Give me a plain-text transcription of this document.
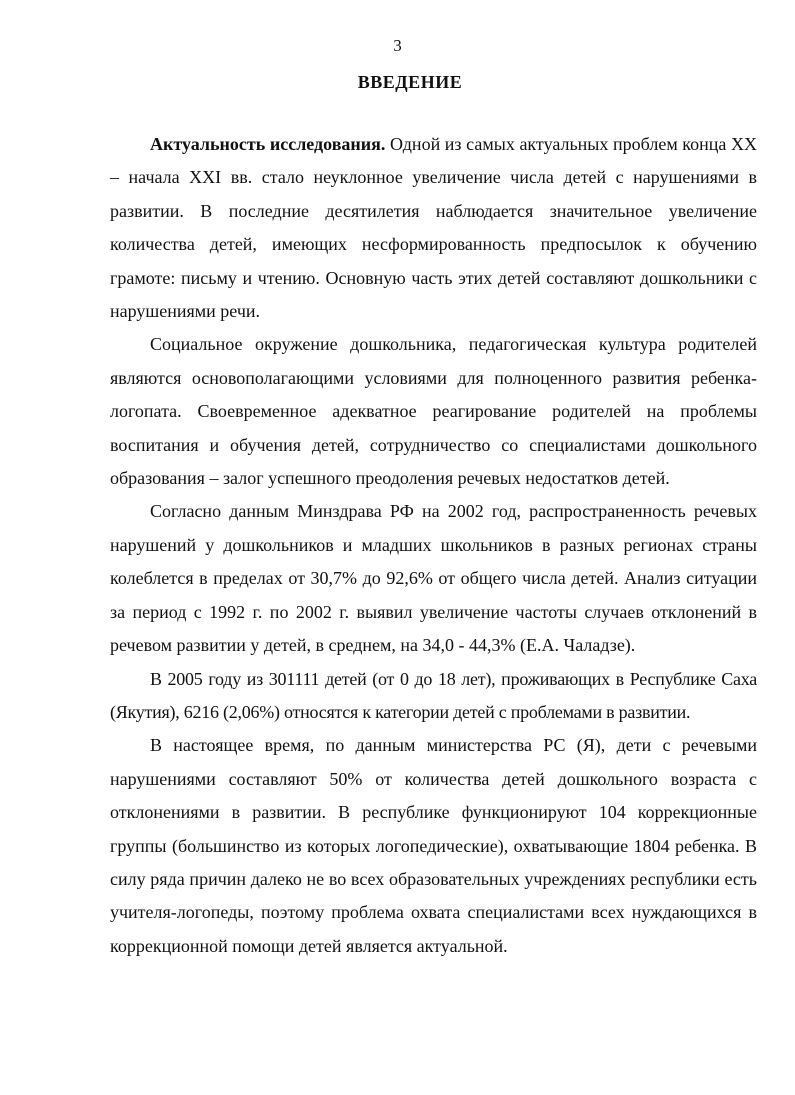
3
ВВЕДЕНИЕ

Актуальность исследования. Одной из самых актуальных проблем конца XX – начала XXI вв. стало неуклонное увеличение числа детей с нарушениями в развитии. В последние десятилетия наблюдается значительное увеличение количества детей, имеющих несформированность предпосылок к обучению грамоте: письму и чтению. Основную часть этих детей составляют дошкольники с нарушениями речи.

Социальное окружение дошкольника, педагогическая культура родителей являются основополагающими условиями для полноценного развития ребенка-логопата. Своевременное адекватное реагирование родителей на проблемы воспитания и обучения детей, сотрудничество со специалистами дошкольного образования – залог успешного преодоления речевых недостатков детей.

Согласно данным Минздрава РФ на 2002 год, распространенность речевых нарушений у дошкольников и младших школьников в разных регионах страны колеблется в пределах от 30,7% до 92,6% от общего числа детей. Анализ ситуации за период с 1992 г. по 2002 г. выявил увеличение частоты случаев отклонений в речевом развитии у детей, в среднем, на 34,0 - 44,3% (Е.А. Чаладзе).

В 2005 году из 301111 детей (от 0 до 18 лет), проживающих в Республике Саха (Якутия), 6216 (2,06%) относятся к категории детей с проблемами в развитии.

В настоящее время, по данным министерства РС (Я), дети с речевыми нарушениями составляют 50% от количества детей дошкольного возраста с отклонениями в развитии. В республике функционируют 104 коррекционные группы (большинство из которых логопедические), охватывающие 1804 ребенка. В силу ряда причин далеко не во всех образовательных учреждениях республики есть учителя-логопеды, поэтому проблема охвата специалистами всех нуждающихся в коррекционной помощи детей является актуальной.
